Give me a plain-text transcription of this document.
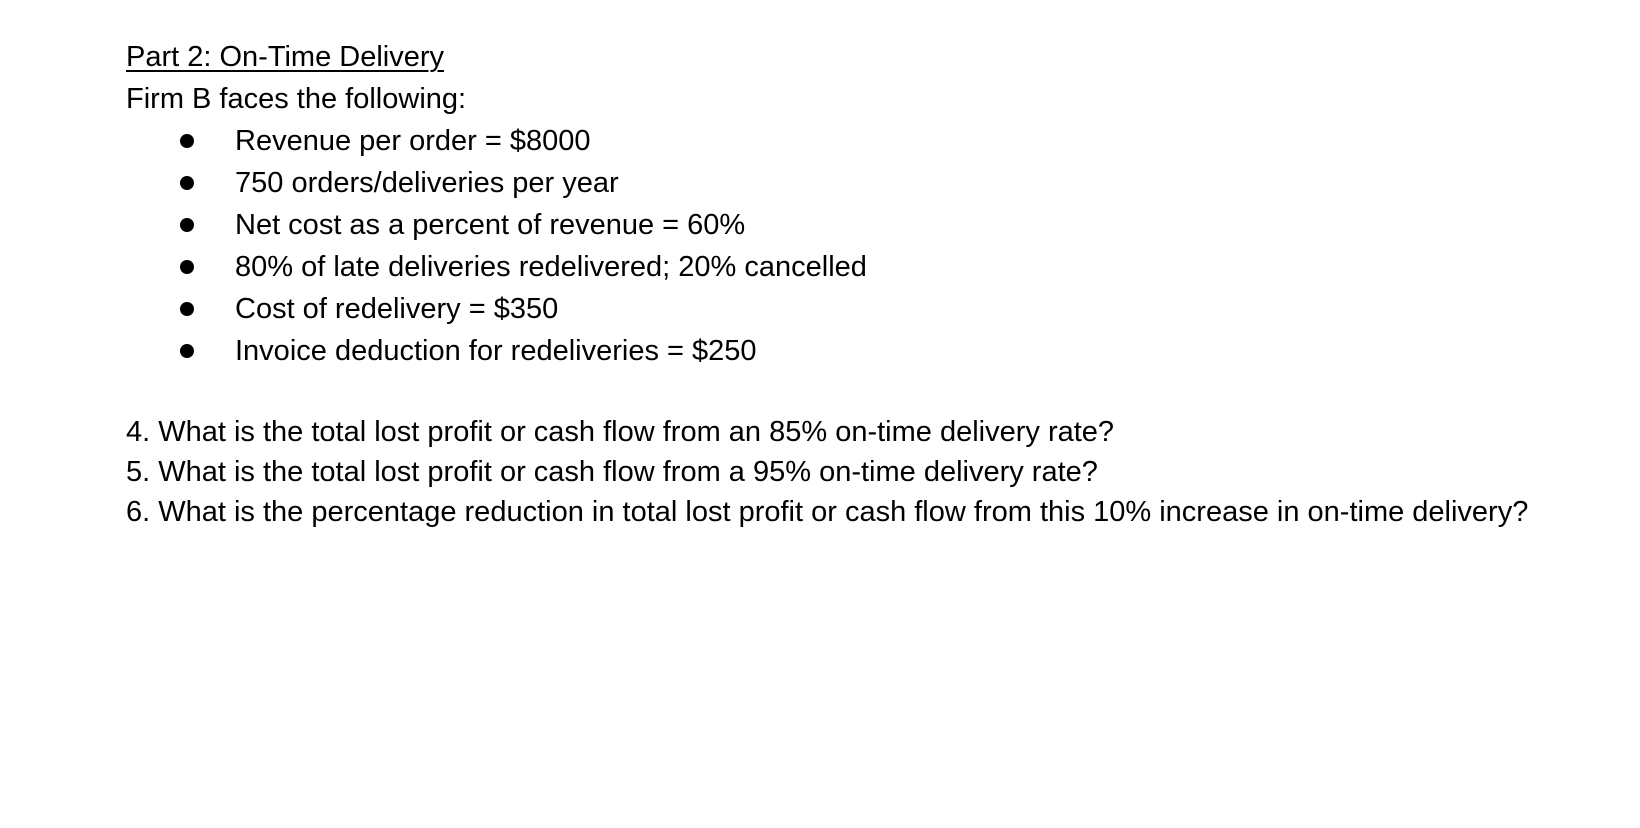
Part 2: On-Time Delivery
Firm B faces the following:
Revenue per order = $8000
750 orders/deliveries per year
Net cost as a percent of revenue = 60%
80% of late deliveries redelivered; 20% cancelled
Cost of redelivery = $350
Invoice deduction for redeliveries = $250
4. What is the total lost profit or cash flow from an 85% on-time delivery rate?
5. What is the total lost profit or cash flow from a 95% on-time delivery rate?
6. What is the percentage reduction in total lost profit or cash flow from this 10% increase in on-time delivery?
